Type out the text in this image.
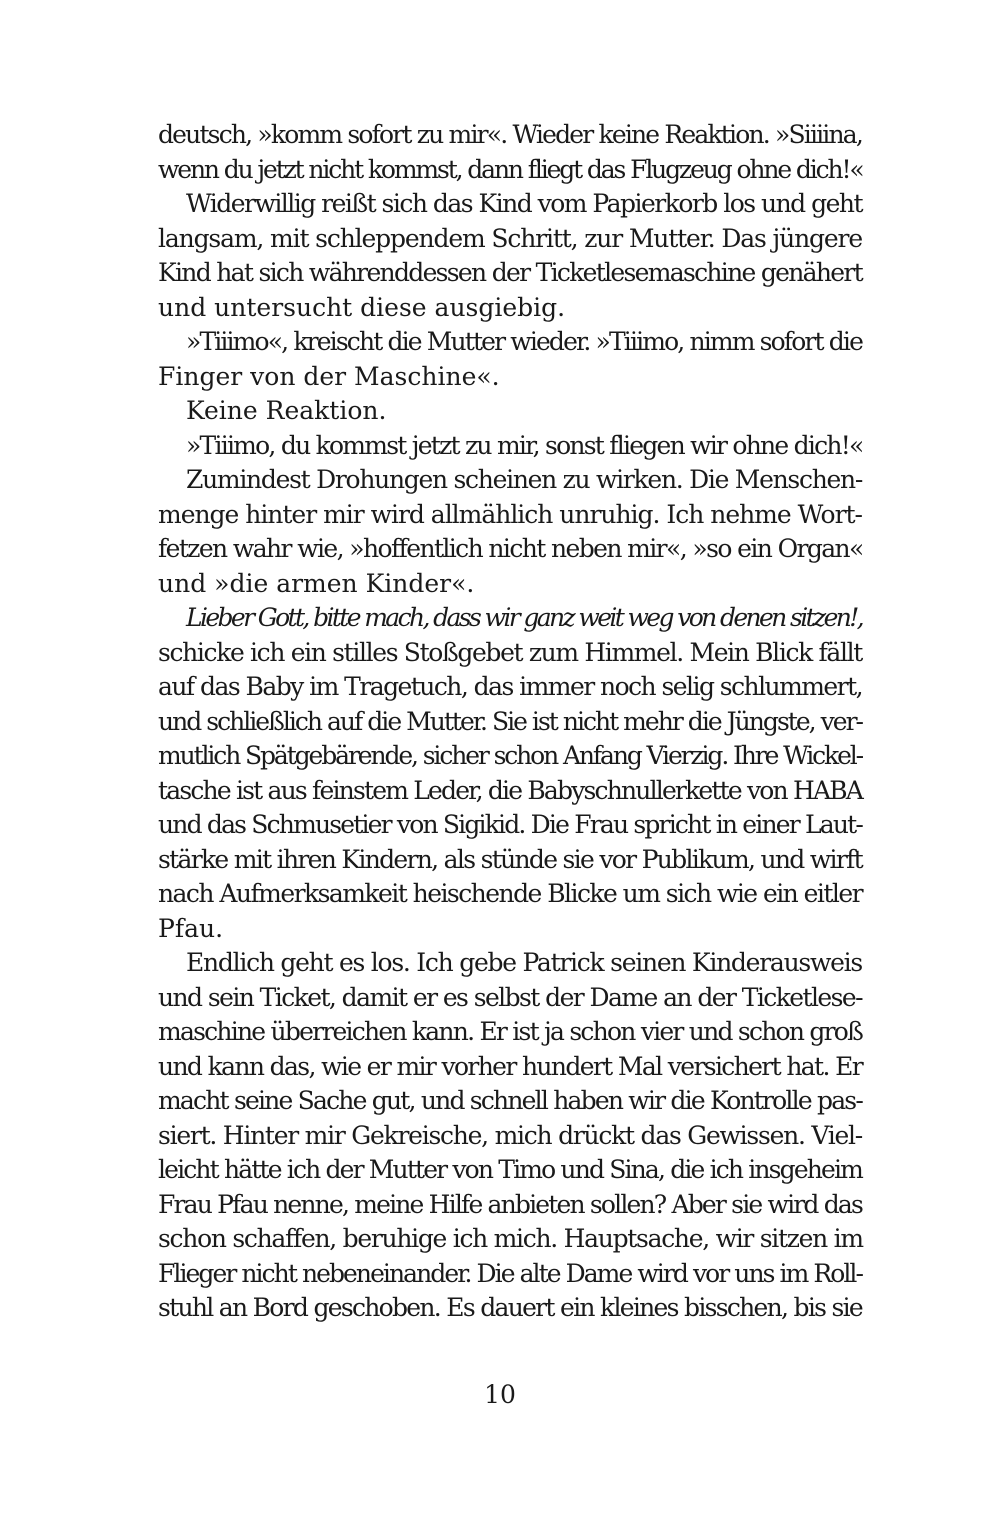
deutsch, »komm sofort zu mir«. Wieder keine Reaktion. »Siiiina,
wenn du jetzt nicht kommst, dann fliegt das Flugzeug ohne dich!«
Widerwillig reißt sich das Kind vom Papierkorb los und geht
langsam, mit schleppendem Schritt, zur Mutter. Das jüngere
Kind hat sich währenddessen der Ticketlesemaschine genähert
und untersucht diese ausgiebig.
»Tiiimo«, kreischt die Mutter wieder. »Tiiimo, nimm sofort die
Finger von der Maschine«.
Keine Reaktion.
»Tiiimo, du kommst jetzt zu mir, sonst fliegen wir ohne dich!«
Zumindest Drohungen scheinen zu wirken. Die Menschen-
menge hinter mir wird allmählich unruhig. Ich nehme Wort-
fetzen wahr wie, »hoffentlich nicht neben mir«, »so ein Organ«
und »die armen Kinder«.
Lieber Gott, bitte mach, dass wir ganz weit weg von denen sitzen!,
schicke ich ein stilles Stoßgebet zum Himmel. Mein Blick fällt
auf das Baby im Tragetuch, das immer noch selig schlummert,
und schließlich auf die Mutter. Sie ist nicht mehr die Jüngste, ver-
mutlich Spätgebärende, sicher schon Anfang Vierzig. Ihre Wickel-
tasche ist aus feinstem Leder, die Babyschnullerkette von HABA
und das Schmusetier von Sigikid. Die Frau spricht in einer Laut-
stärke mit ihren Kindern, als stünde sie vor Publikum, und wirft
nach Aufmerksamkeit heischende Blicke um sich wie ein eitler
Pfau.
Endlich geht es los. Ich gebe Patrick seinen Kinderausweis
und sein Ticket, damit er es selbst der Dame an der Ticketlese-
maschine überreichen kann. Er ist ja schon vier und schon groß
und kann das, wie er mir vorher hundert Mal versichert hat. Er
macht seine Sache gut, und schnell haben wir die Kontrolle pas-
siert. Hinter mir Gekreische, mich drückt das Gewissen. Viel-
leicht hätte ich der Mutter von Timo und Sina, die ich insgeheim
Frau Pfau nenne, meine Hilfe anbieten sollen? Aber sie wird das
schon schaffen, beruhige ich mich. Hauptsache, wir sitzen im
Flieger nicht nebeneinander. Die alte Dame wird vor uns im Roll-
stuhl an Bord geschoben. Es dauert ein kleines bisschen, bis sie
10
